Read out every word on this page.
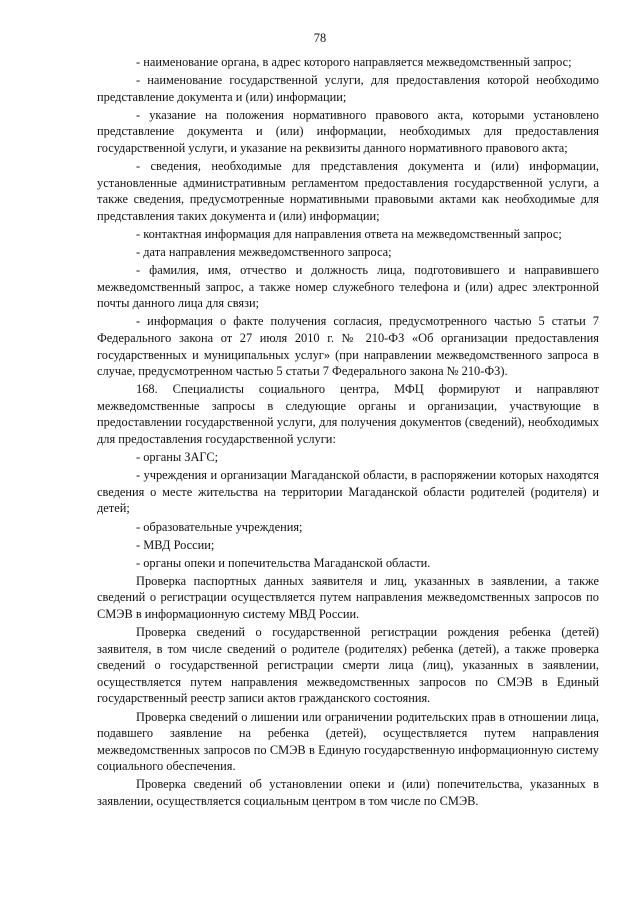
78

- наименование органа, в адрес которого направляется межведомственный запрос;

- наименование государственной услуги, для предоставления которой необходимо представление документа и (или) информации;

- указание на положения нормативного правового акта, которыми установлено представление документа и (или) информации, необходимых для предоставления государственной услуги, и указание на реквизиты данного нормативного правового акта;

- сведения, необходимые для представления документа и (или) информации, установленные административным регламентом предоставления государственной услуги, а также сведения, предусмотренные нормативными правовыми актами как необходимые для представления таких документа и (или) информации;

- контактная информация для направления ответа на межведомственный запрос;

- дата направления межведомственного запроса;

- фамилия, имя, отчество и должность лица, подготовившего и направившего межведомственный запрос, а также номер служебного телефона и (или) адрес электронной почты данного лица для связи;

- информация о факте получения согласия, предусмотренного частью 5 статьи 7 Федерального закона от 27 июля 2010 г. № 210-ФЗ «Об организации предоставления государственных и муниципальных услуг» (при направлении межведомственного запроса в случае, предусмотренном частью 5 статьи 7 Федерального закона № 210-ФЗ).

168. Специалисты социального центра, МФЦ формируют и направляют межведомственные запросы в следующие органы и организации, участвующие в предоставлении государственной услуги, для получения документов (сведений), необходимых для предоставления государственной услуги:

- органы ЗАГС;

- учреждения и организации Магаданской области, в распоряжении которых находятся сведения о месте жительства на территории Магаданской области родителей (родителя) и детей;

- образовательные учреждения;

- МВД России;

- органы опеки и попечительства Магаданской области.

Проверка паспортных данных заявителя и лиц, указанных в заявлении, а также сведений о регистрации осуществляется путем направления межведомственных запросов по СМЭВ в информационную систему МВД России.

Проверка сведений о государственной регистрации рождения ребенка (детей) заявителя, в том числе сведений о родителе (родителях) ребенка (детей), а также проверка сведений о государственной регистрации смерти лица (лиц), указанных в заявлении, осуществляется путем направления межведомственных запросов по СМЭВ в Единый государственный реестр записи актов гражданского состояния.

Проверка сведений о лишении или ограничении родительских прав в отношении лица, подавшего заявление на ребенка (детей), осуществляется путем направления межведомственных запросов по СМЭВ в Единую государственную информационную систему социального обеспечения.

Проверка сведений об установлении опеки и (или) попечительства, указанных в заявлении, осуществляется социальным центром в том числе по СМЭВ.
